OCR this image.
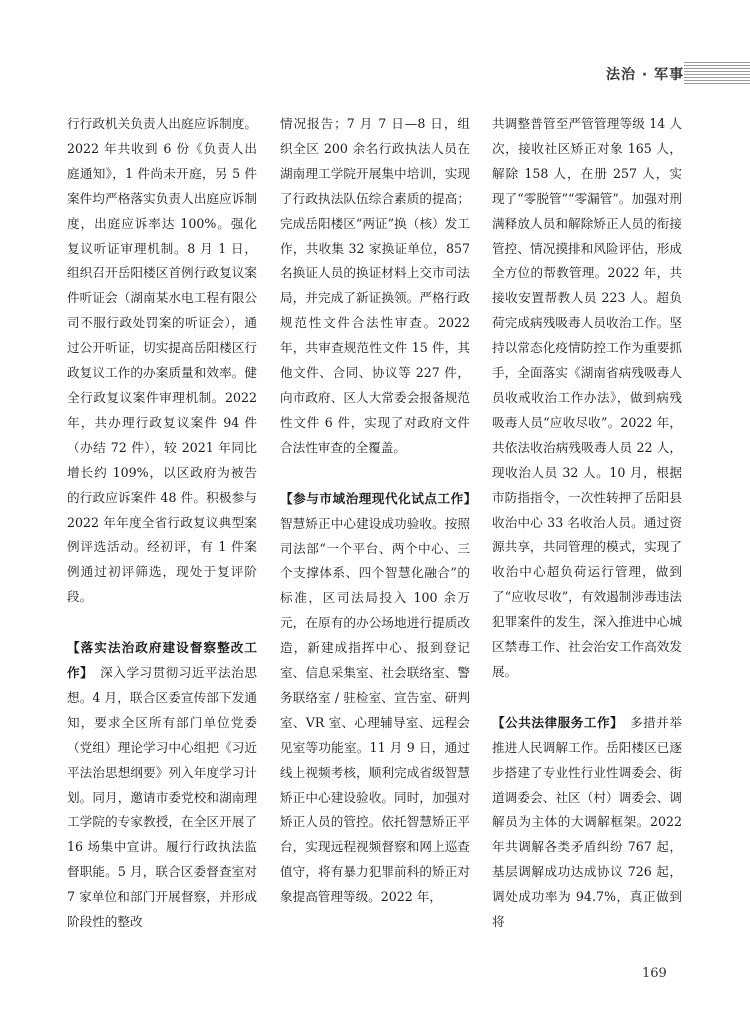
法治 · 军事

行行政机关负责人出庭应诉制度。2022 年共收到 6 份《负责人出庭通知》，1 件尚未开庭，另 5 件案件均严格落实负责人出庭应诉制度，出庭应诉率达 100%。强化复议听证审理机制。8 月 1 日，组织召开岳阳楼区首例行政复议案件听证会（湖南某水电工程有限公司不服行政处罚案的听证会），通过公开听证，切实提高岳阳楼区行政复议工作的办案质量和效率。健全行政复议案件审理机制。2022 年，共办理行政复议案件 94 件（办结 72 件），较 2021 年同比增长约 109%，以区政府为被告的行政应诉案件 48 件。积极参与 2022 年年度全省行政复议典型案例评选活动。经初评，有 1 件案例通过初评筛选，现处于复评阶段。

【落实法治政府建设督察整改工作】　 深入学习贯彻习近平法治思想。4 月，联合区委宣传部下发通知，要求全区所有部门单位党委（党组）理论学习中心组把《习近平法治思想纲要》列入年度学习计划。同月，邀请市委党校和湖南理工学院的专家教授，在全区开展了 16 场集中宣讲。履行行政执法监督职能。5 月，联合区委督查室对 7 家单位和部门开展督察，并形成阶段性的整改

情况报告；7 月 7 日—8 日，组织全区 200 余名行政执法人员在湖南理工学院开展集中培训，实现了行政执法队伍综合素质的提高；完成岳阳楼区“两证”换（核）发工作，共收集 32 家换证单位，857 名换证人员的换证材料上交市司法局，并完成了新证换领。严格行政规范性文件合法性审查。2022 年，共审查规范性文件 15 件，其他文件、合同、协议等 227 件，向市政府、区人大常委会报备规范性文件 6 件，实现了对政府文件合法性审查的全覆盖。

【参与市域治理现代化试点工作】　智慧矫正中心建设成功验收。按照司法部“一个平台、两个中心、三个支撑体系、四个智慧化融合”的标准，区司法局投入 100 余万元，在原有的办公场地进行提质改造，新建成指挥中心、报到登记室、信息采集室、社会联络室、警务联络室 / 驻检室、宣告室、研判室、VR 室、心理辅导室、远程会见室等功能室。11 月 9 日，通过线上视频考核，顺利完成省级智慧矫正中心建设验收。同时，加强对矫正人员的管控。依托智慧矫正平台，实现远程视频督察和网上巡查值守，将有暴力犯罪前科的矫正对象提高管理等级。2022 年，

共调整普管至严管管理等级 14 人次，接收社区矫正对象 165 人，解除 158 人，在册 257 人，实现了“零脱管”“零漏管”。加强对刑满释放人员和解除矫正人员的衔接管控、情况摸排和风险评估，形成全方位的帮教管理。2022 年，共接收安置帮教人员 223 人。超负荷完成病残吸毒人员收治工作。坚持以常态化疫情防控工作为重要抓手，全面落实《湖南省病残吸毒人员收戒收治工作办法》，做到病残吸毒人员“应收尽收”。2022 年，共依法收治病残吸毒人员 22 人，现收治人员 32 人。10 月，根据市防指指令，一次性转押了岳阳县收治中心 33 名收治人员。通过资源共享，共同管理的模式，实现了收治中心超负荷运行管理，做到了“应收尽收”，有效遏制涉毒违法犯罪案件的发生，深入推进中心城区禁毒工作、社会治安工作高效发展。

【公共法律服务工作】　 多措并举推进人民调解工作。岳阳楼区已逐步搭建了专业性行业性调委会、街道调委会、社区（村）调委会、调解员为主体的大调解框架。2022 年共调解各类矛盾纠纷 767 起，基层调解成功达成协议 726 起，调处成功率为 94.7%，真正做到将

169
